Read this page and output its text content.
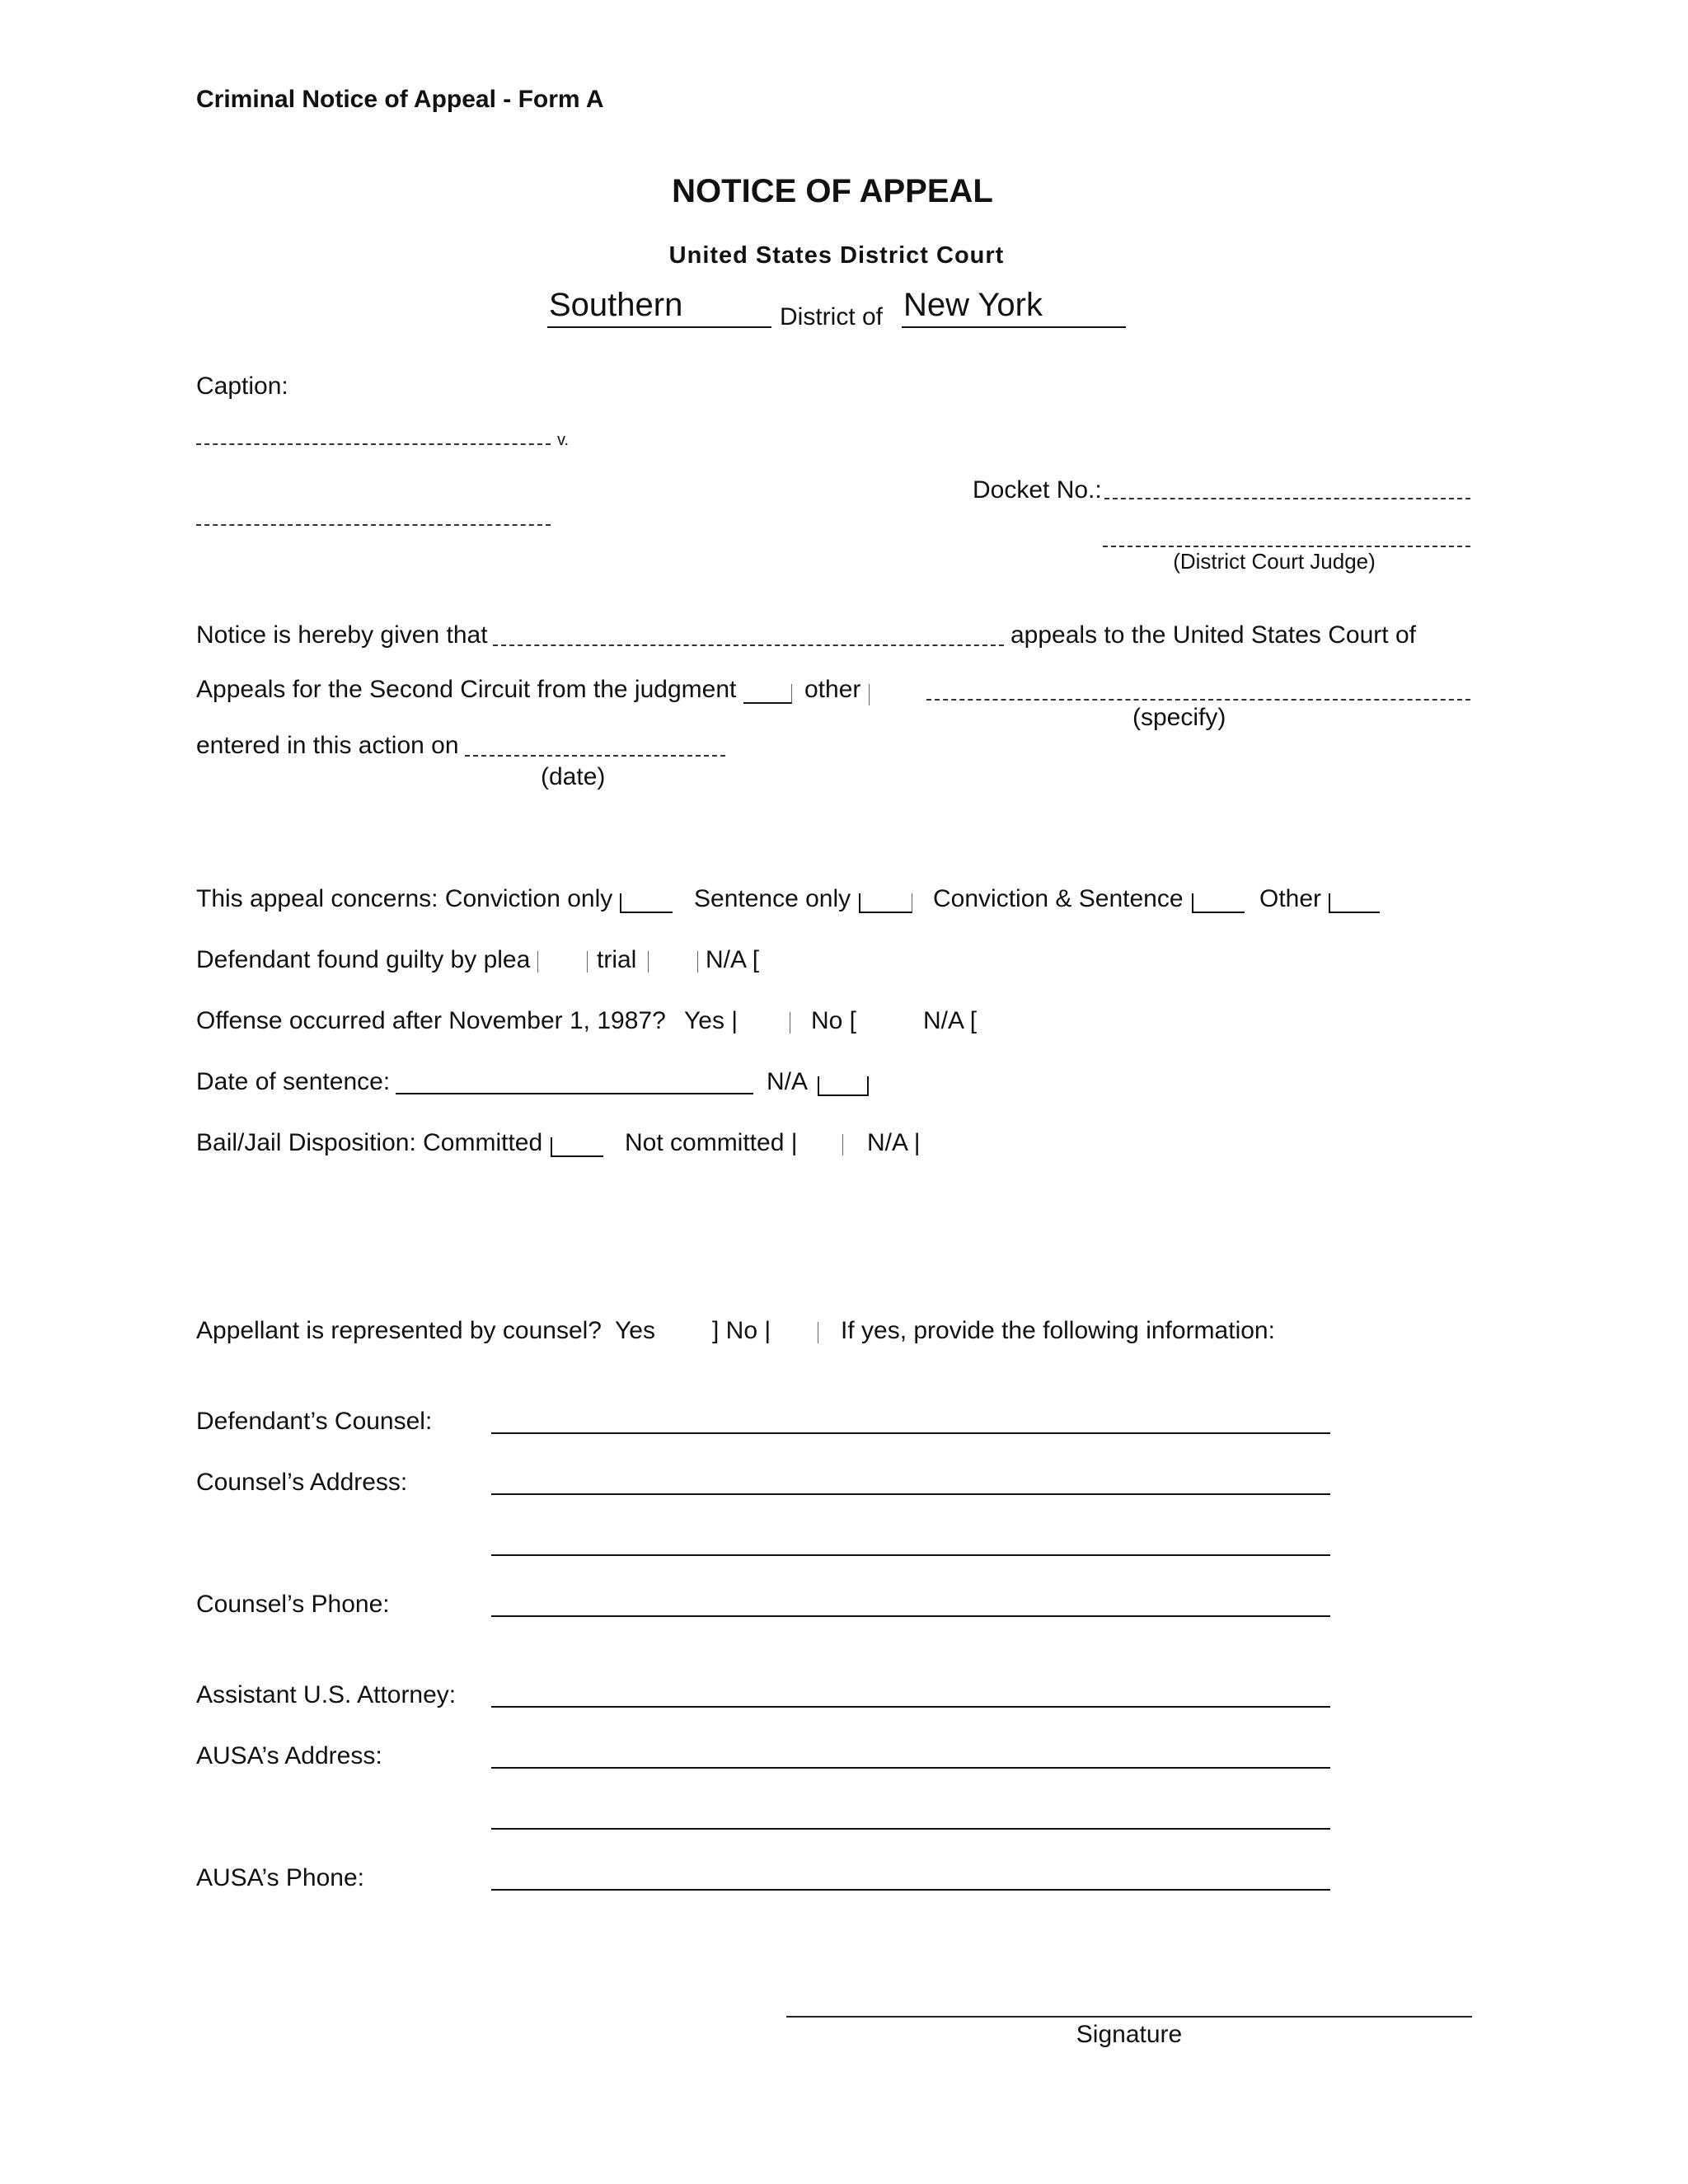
Criminal Notice of Appeal - Form A
NOTICE OF APPEAL
United States District Court
Southern	District of New York
Caption:
v.
Docket No.:
(District Court Judge)
Notice is hereby given that	appeals to the United States Court of
Appeals for the Second Circuit from the judgment	other
(specify)
entered in this action on
(date)
This appeal concerns: Conviction only	Sentence only	Conviction & Sentence	Other
Defendant found guilty by plea	trial	N/A [
Offense occurred after November 1, 1987? Yes |	No [	N/A [
Date of sentence:	N/A
Bail/Jail Disposition: Committed	Not committed |	N/A |
Appellant is represented by counsel? Yes ] No |	If yes, provide the following information:
Defendant’s Counsel:
Counsel’s Address:
Counsel’s Phone:
Assistant U.S. Attorney:
AUSA’s Address:
AUSA’s Phone:
Signature
